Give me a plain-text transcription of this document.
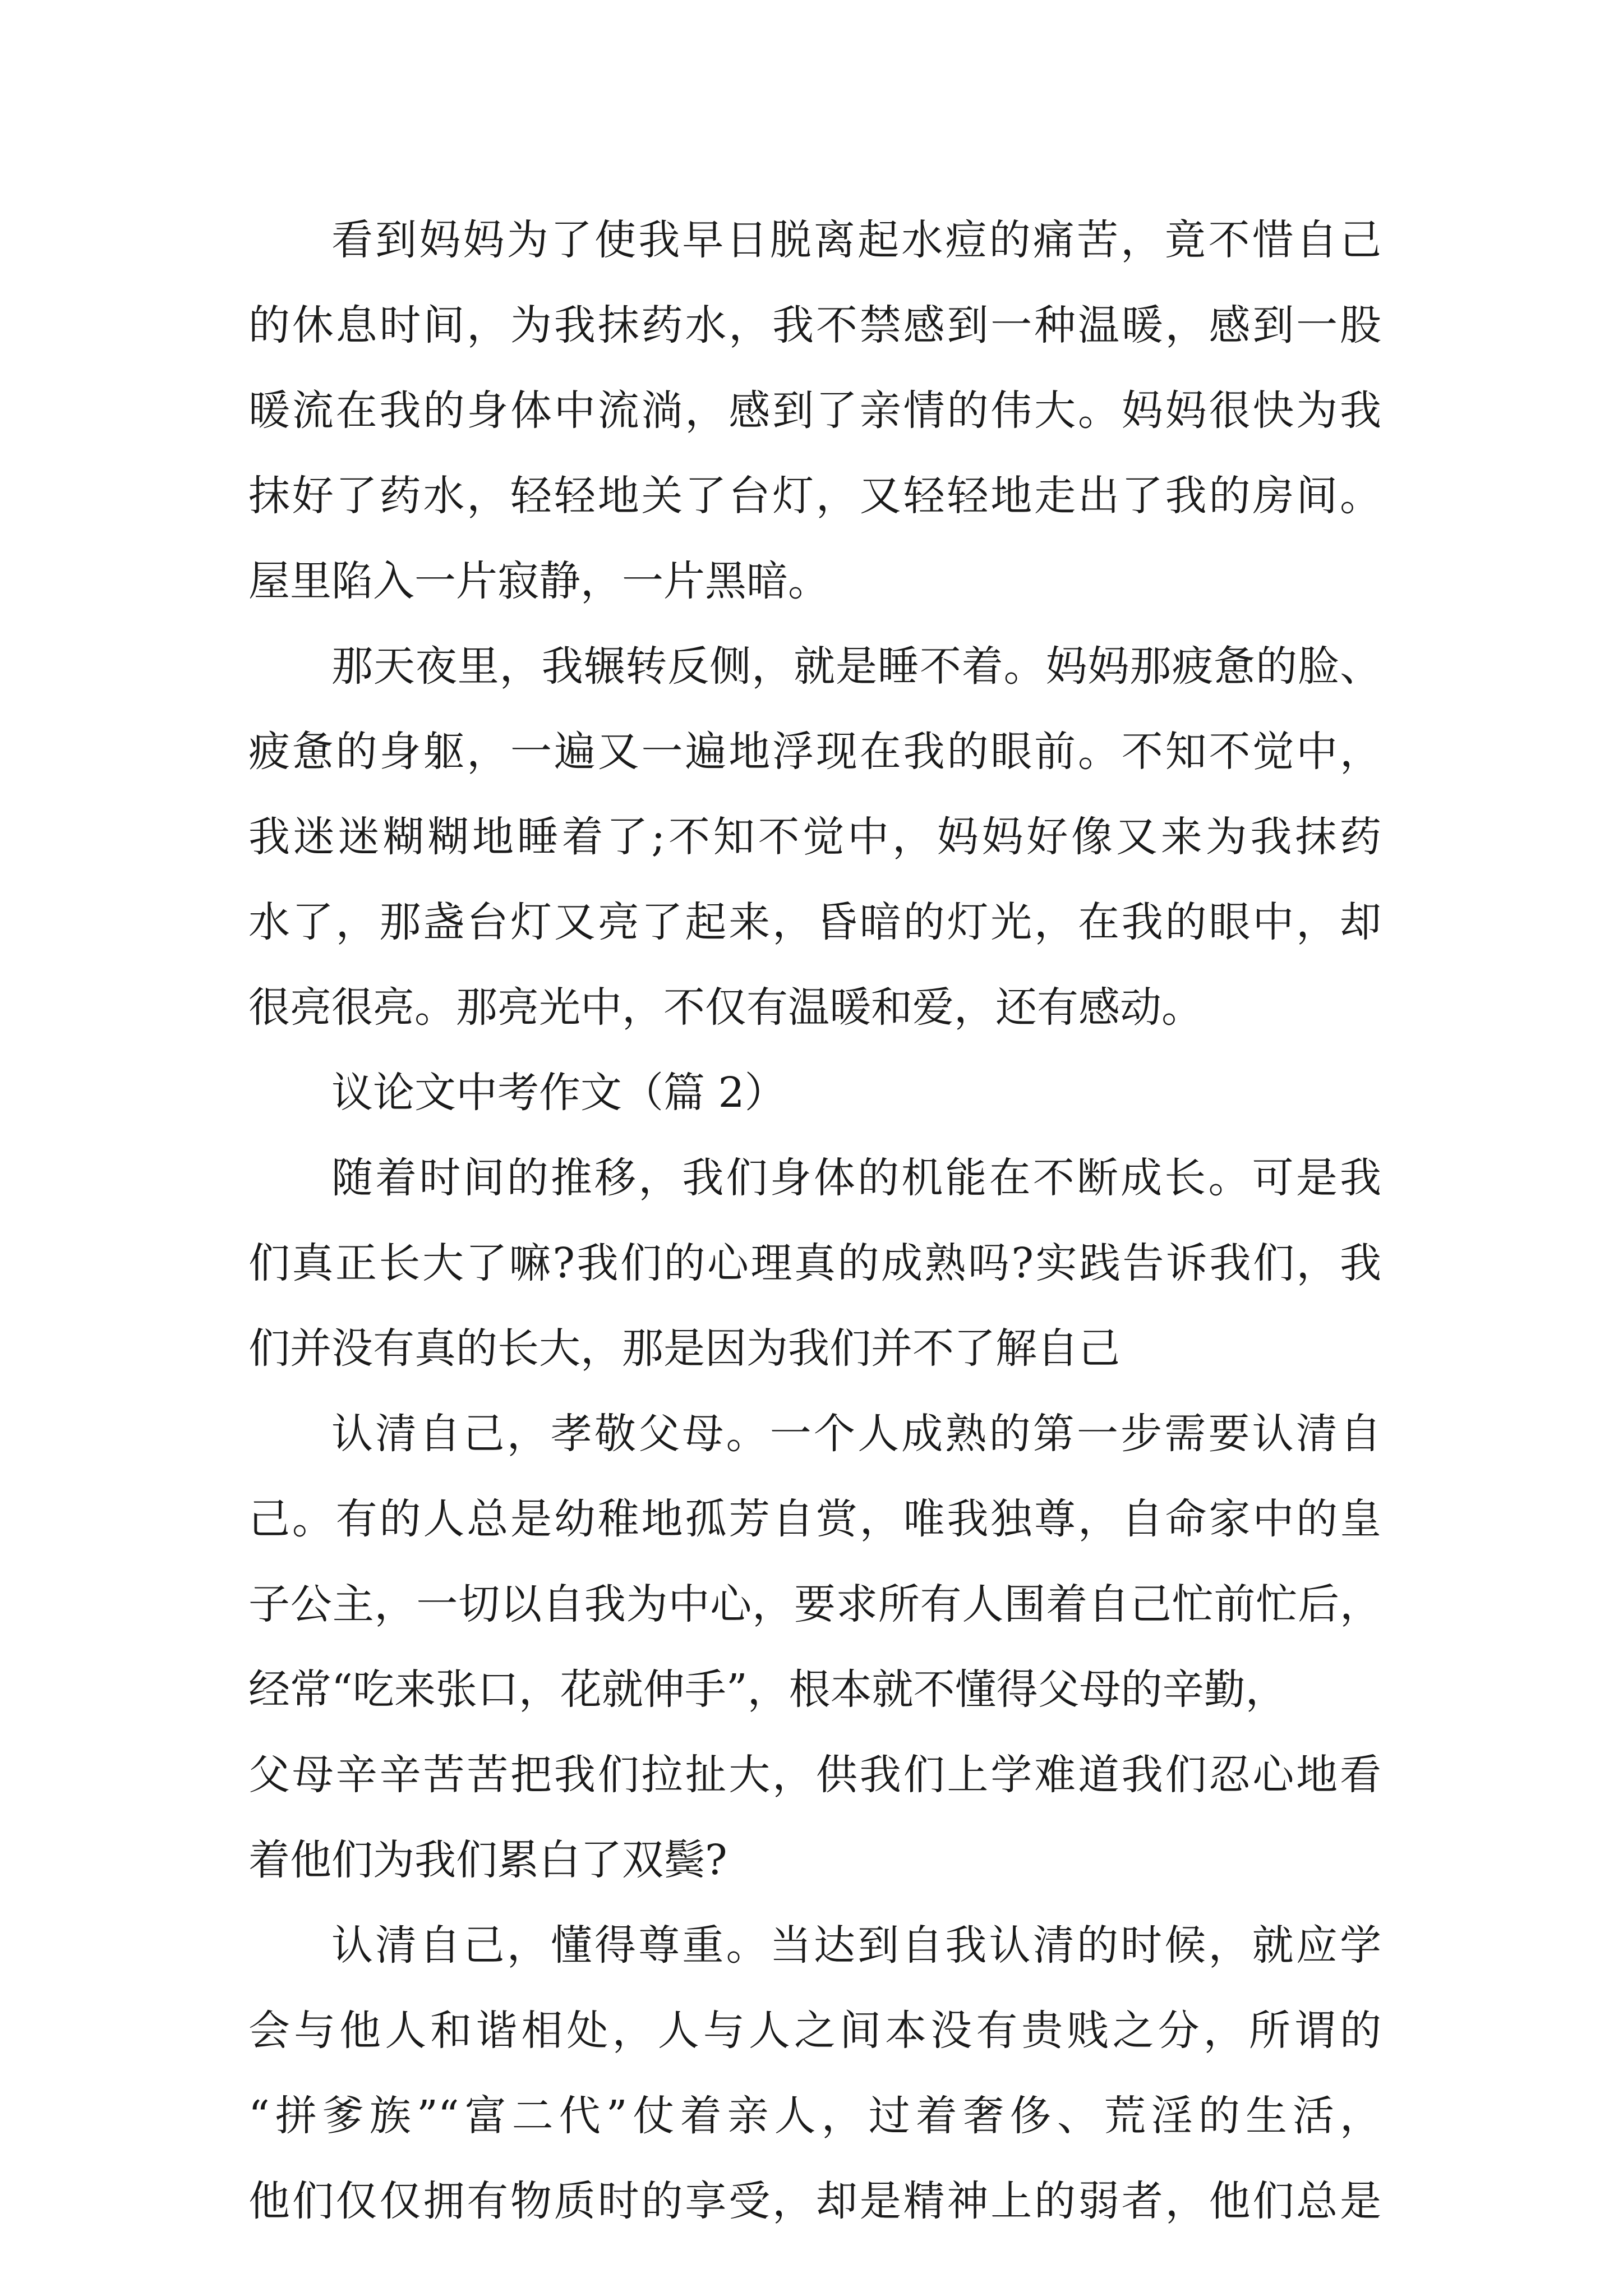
看到妈妈为了使我早日脱离起水痘的痛苦，竟不惜自己
的休息时间，为我抹药水，我不禁感到一种温暖，感到一股
暖流在我的身体中流淌，感到了亲情的伟大。妈妈很快为我
抹好了药水，轻轻地关了台灯，又轻轻地走出了我的房间。
屋里陷入一片寂静，一片黑暗。
那天夜里，我辗转反侧，就是睡不着。妈妈那疲惫的脸、
疲惫的身躯，一遍又一遍地浮现在我的眼前。不知不觉中，
我迷迷糊糊地睡着了;不知不觉中，妈妈好像又来为我抹药
水了，那盏台灯又亮了起来，昏暗的灯光，在我的眼中，却
很亮很亮。那亮光中，不仅有温暖和爱，还有感动。
议论文中考作文（篇 2）
随着时间的推移，我们身体的机能在不断成长。可是我
们真正长大了嘛?我们的心理真的成熟吗?实践告诉我们，我
们并没有真的长大，那是因为我们并不了解自己
认清自己，孝敬父母。一个人成熟的第一步需要认清自
己。有的人总是幼稚地孤芳自赏，唯我独尊，自命家中的皇
子公主，一切以自我为中心，要求所有人围着自己忙前忙后，
经常“吃来张口，花就伸手”，根本就不懂得父母的辛勤，
父母辛辛苦苦把我们拉扯大，供我们上学难道我们忍心地看
着他们为我们累白了双鬓?
认清自己，懂得尊重。当达到自我认清的时候，就应学
会与他人和谐相处，人与人之间本没有贵贱之分，所谓的
“拼爹族”“富二代”仗着亲人，过着奢侈、荒淫的生活，
他们仅仅拥有物质时的享受，却是精神上的弱者，他们总是
